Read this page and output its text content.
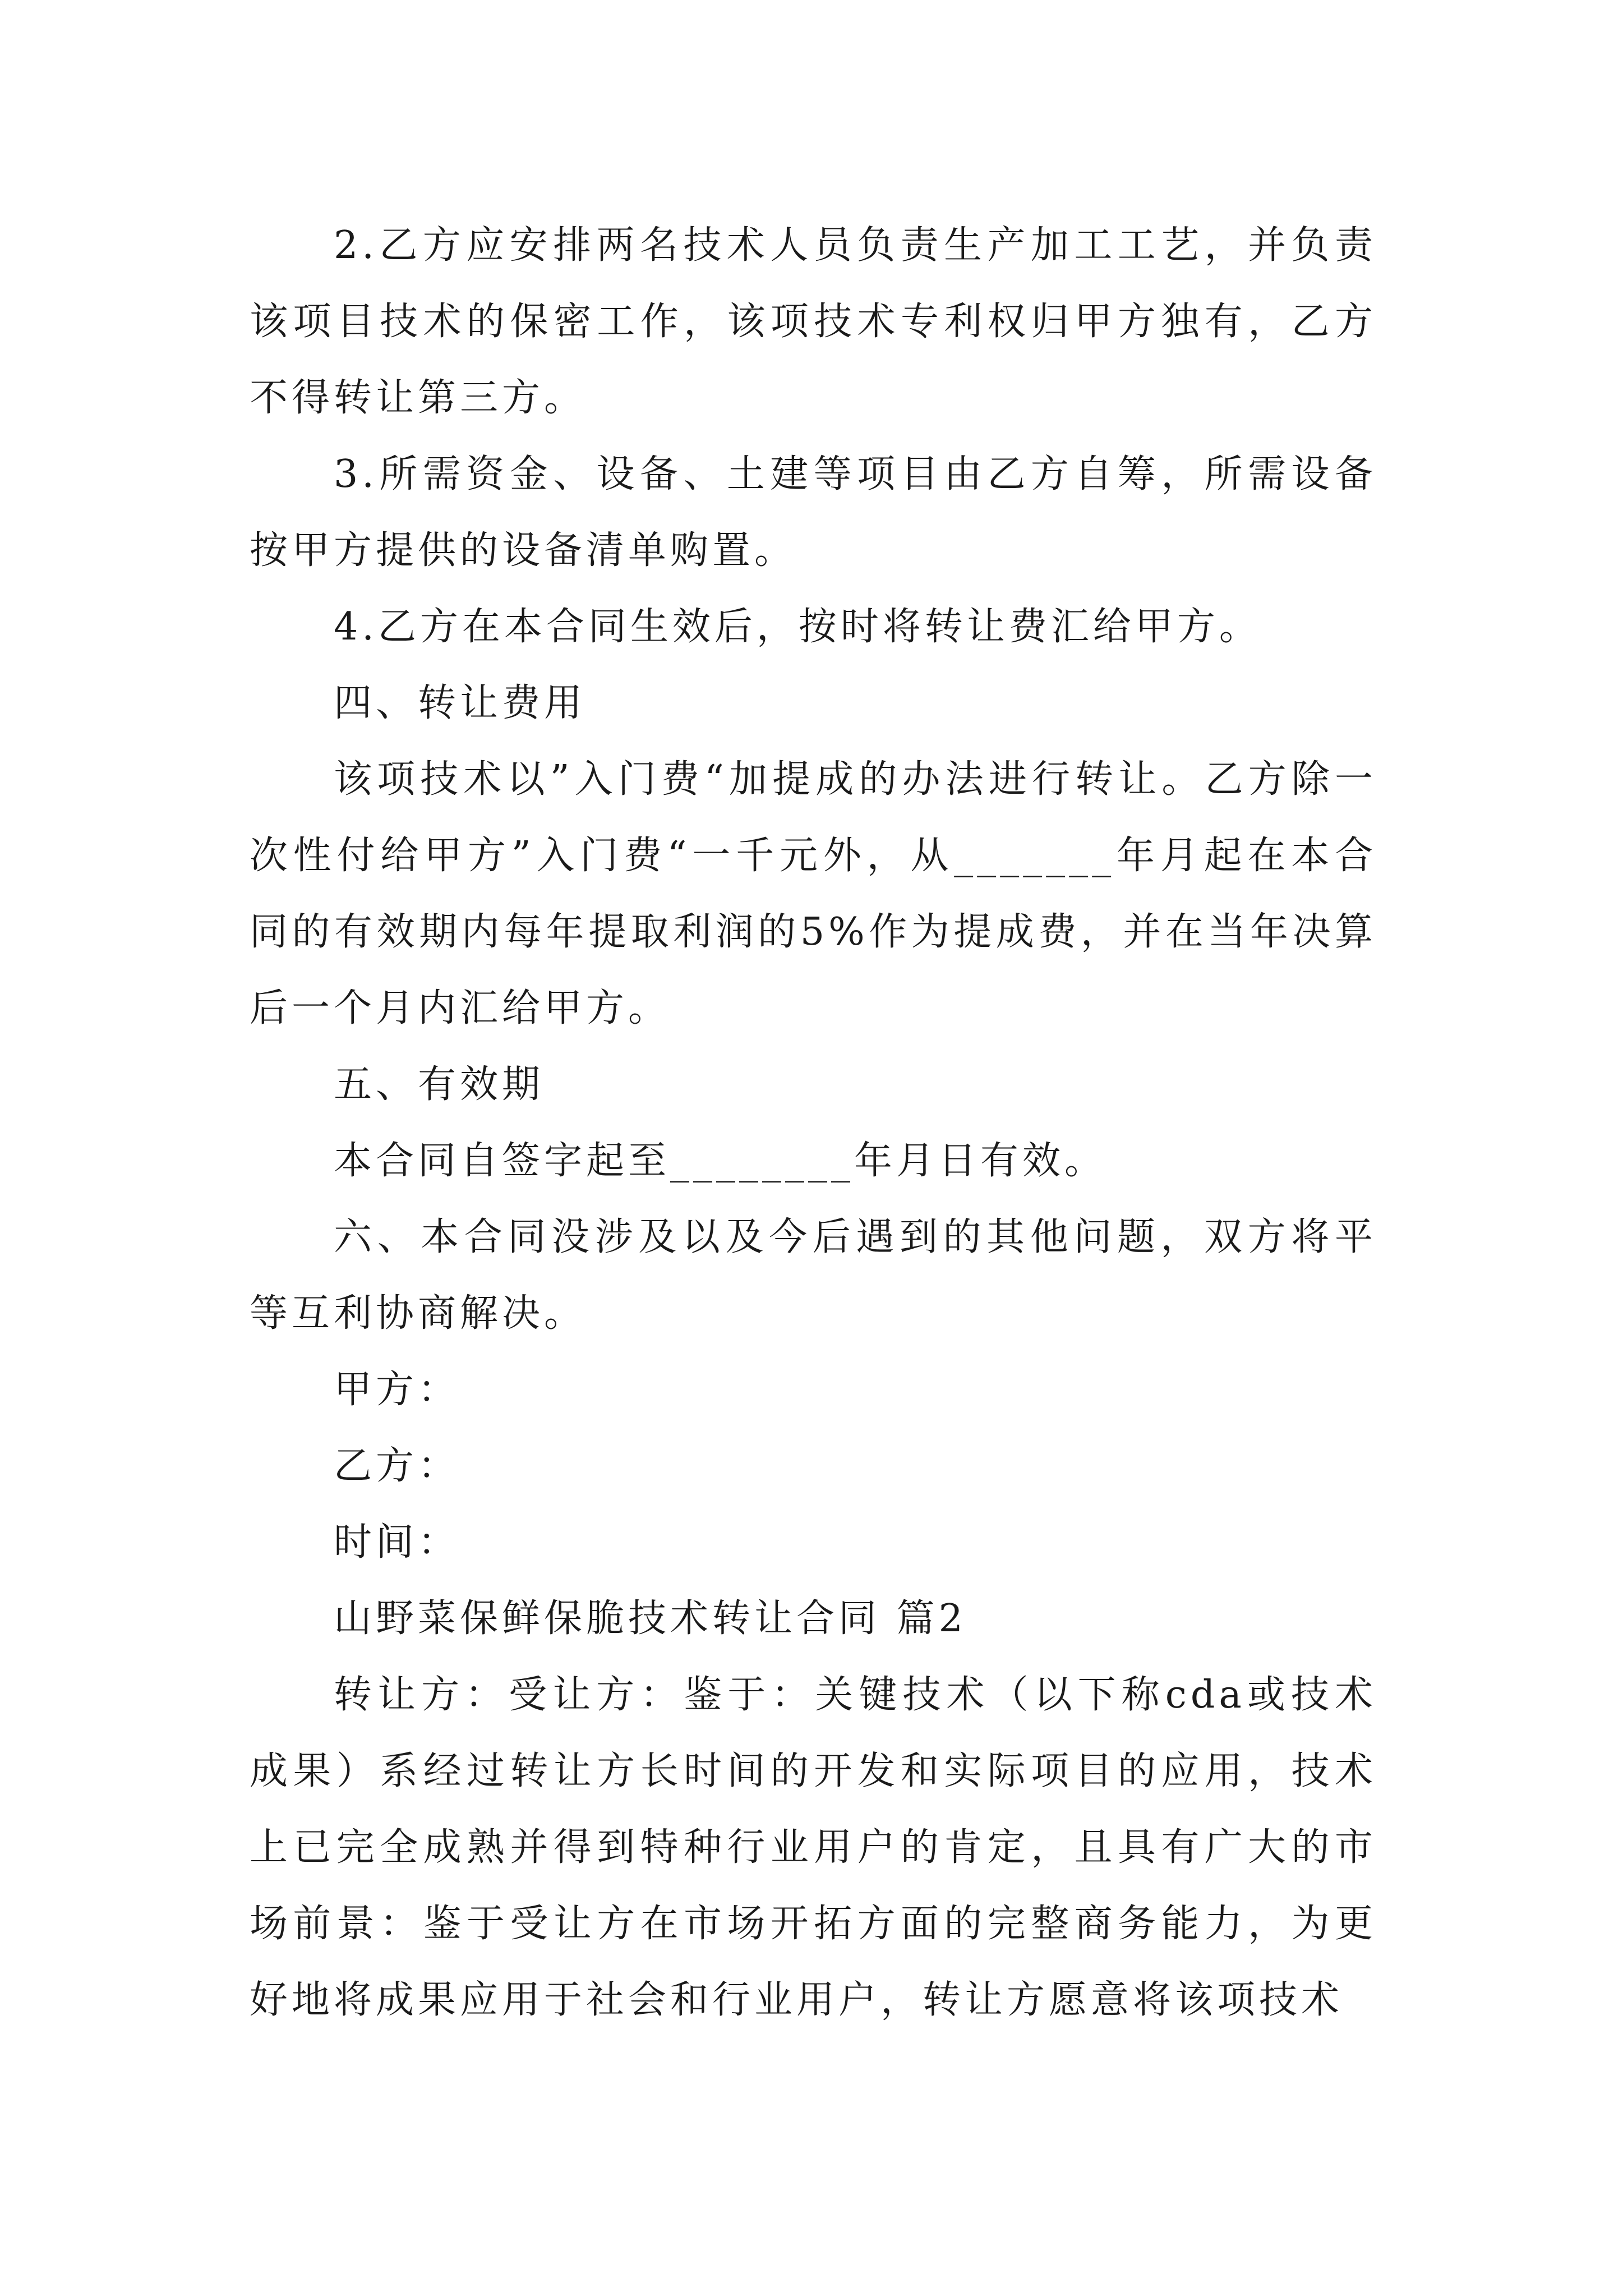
2.乙方应安排两名技术人员负责生产加工工艺，并负责该项目技术的保密工作，该项技术专利权归甲方独有，乙方不得转让第三方。

3.所需资金、设备、土建等项目由乙方自筹，所需设备按甲方提供的设备清单购置。

4.乙方在本合同生效后，按时将转让费汇给甲方。

四、转让费用

该项技术以”入门费“加提成的办法进行转让。乙方除一次性付给甲方”入门费“一千元外，从_______年月起在本合同的有效期内每年提取利润的5%作为提成费，并在当年决算后一个月内汇给甲方。

五、有效期

本合同自签字起至________年月日有效。

六、本合同没涉及以及今后遇到的其他问题，双方将平等互利协商解决。

甲方：

乙方：

时间：

山野菜保鲜保脆技术转让合同 篇2

转让方：受让方：鉴于：关键技术（以下称cda或技术成果）系经过转让方长时间的开发和实际项目的应用，技术上已完全成熟并得到特种行业用户的肯定，且具有广大的市场前景：鉴于受让方在市场开拓方面的完整商务能力，为更好地将成果应用于社会和行业用户，转让方愿意将该项技术
